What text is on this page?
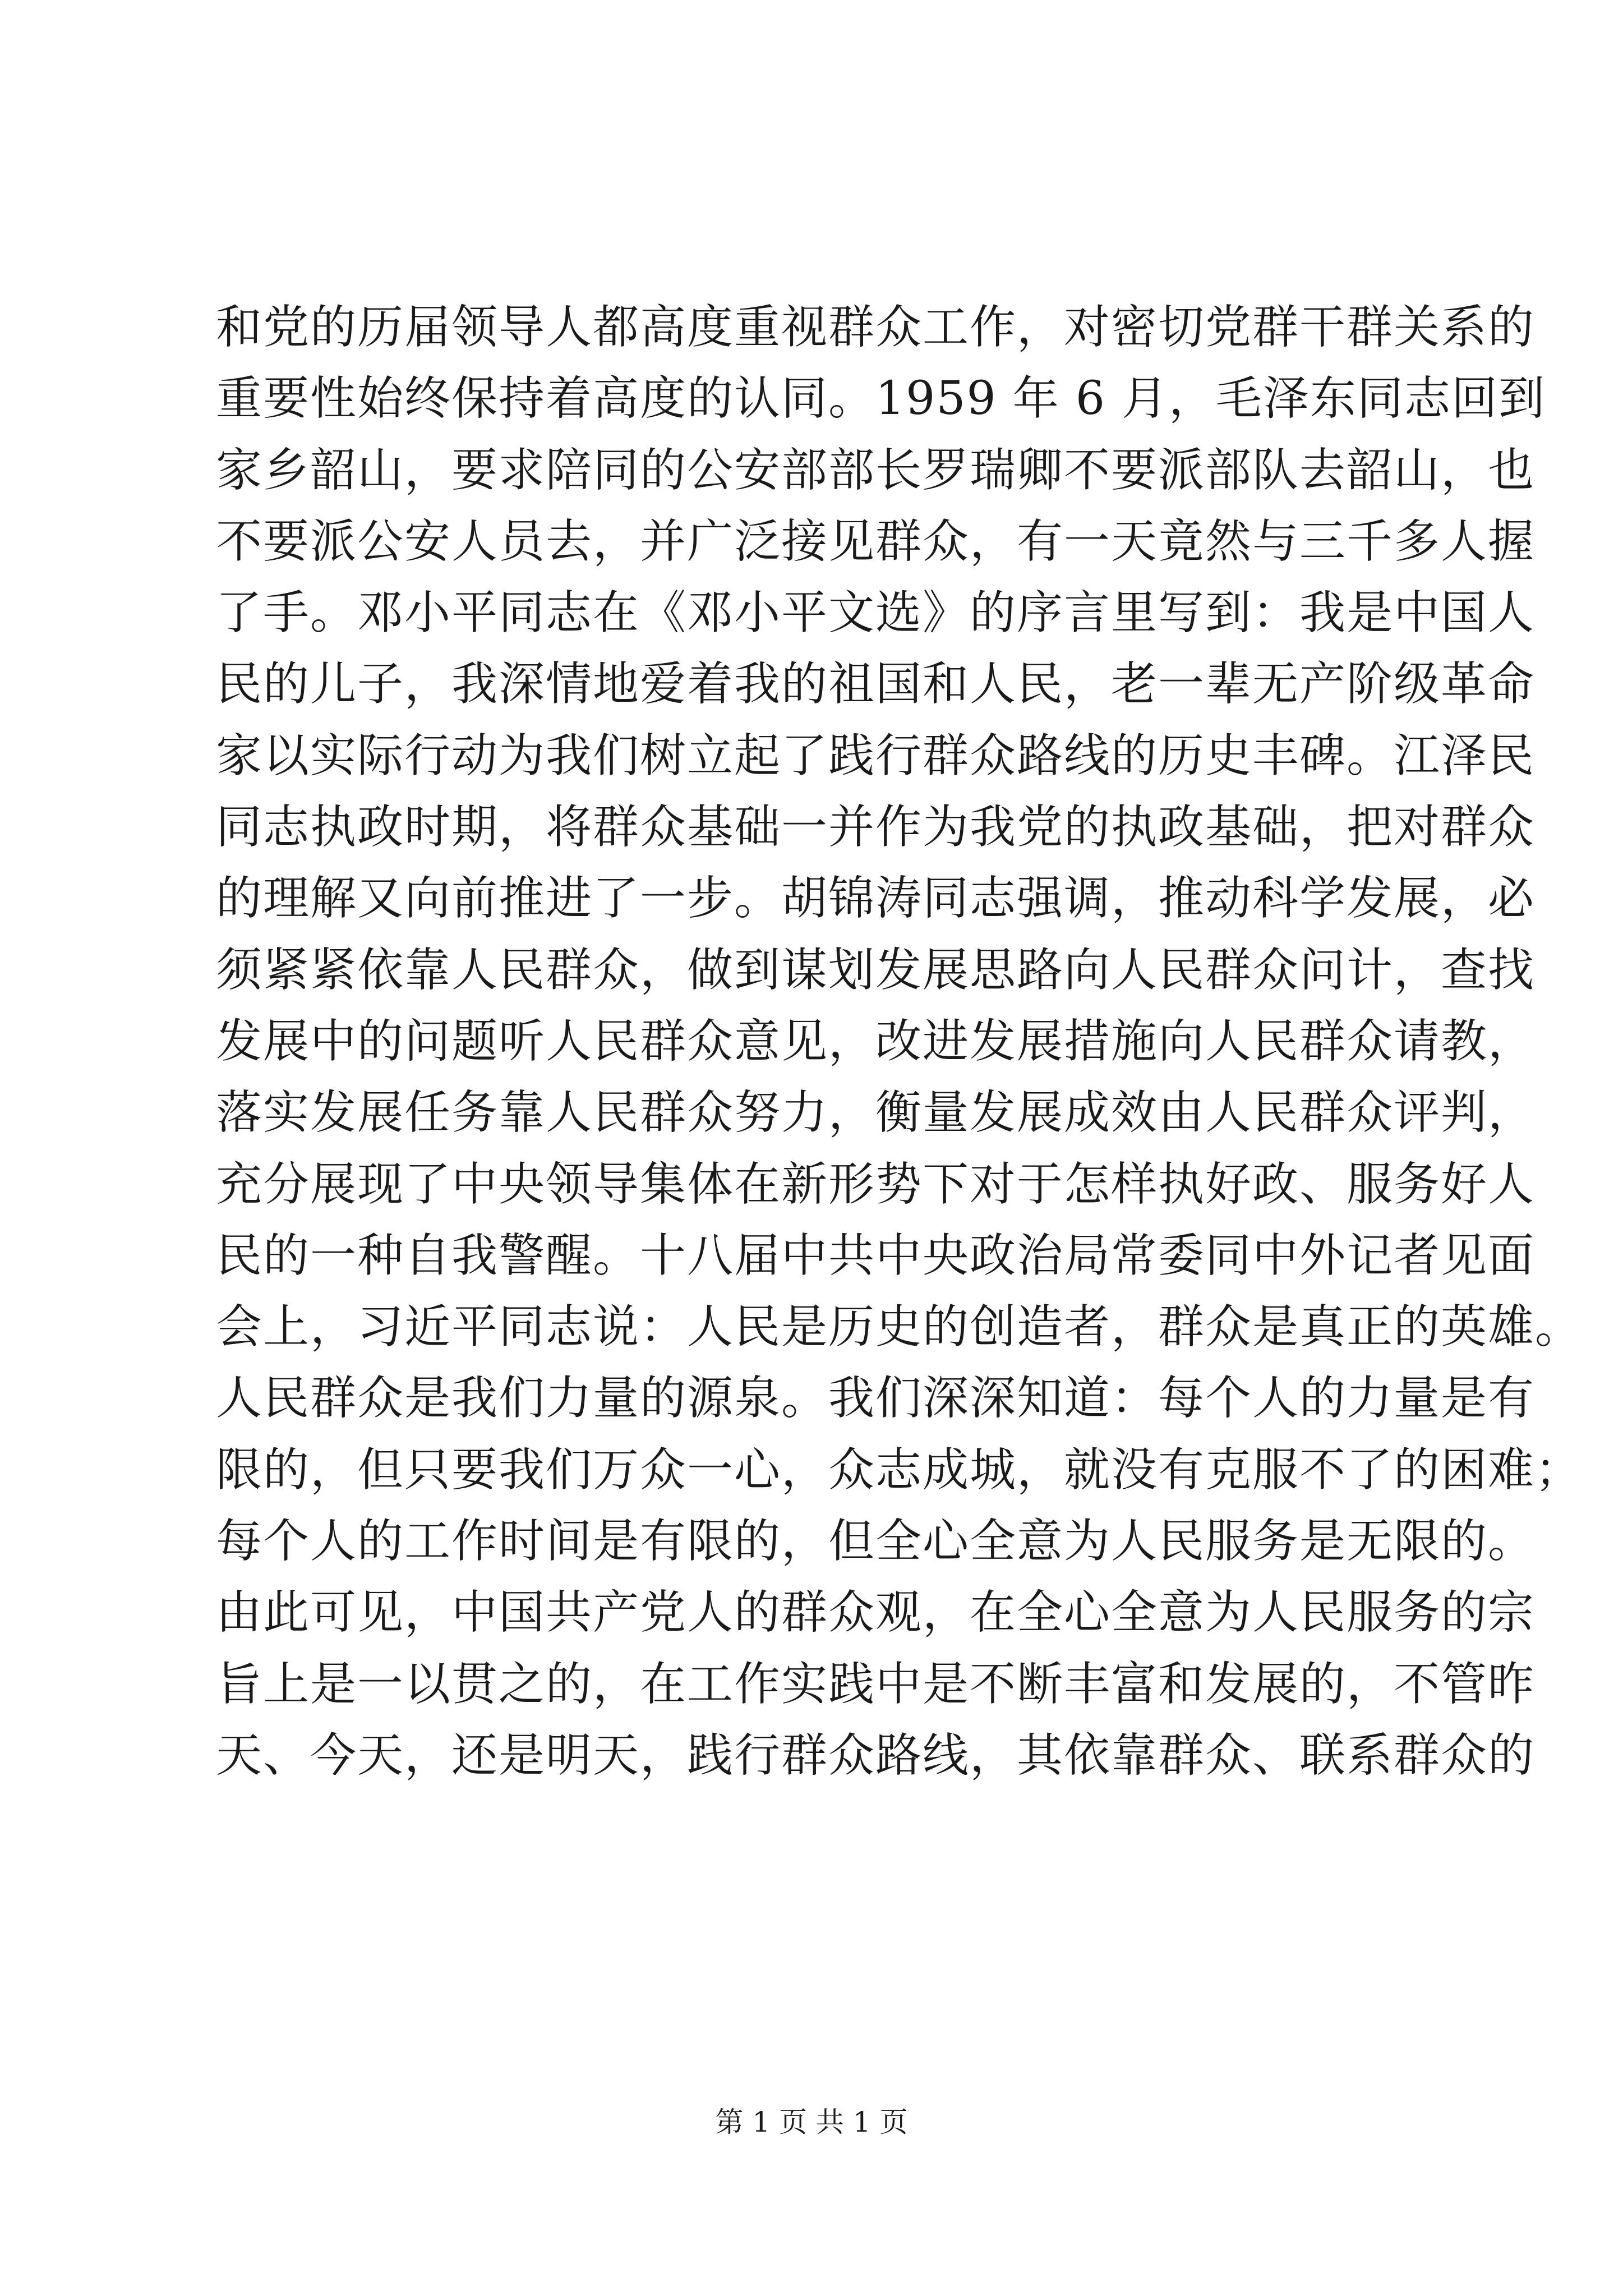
和党的历届领导人都高度重视群众工作，对密切党群干群关系的
重要性始终保持着高度的认同。1959 年 6 月，毛泽东同志回到
家乡韶山，要求陪同的公安部部长罗瑞卿不要派部队去韶山，也
不要派公安人员去，并广泛接见群众，有一天竟然与三千多人握
了手。邓小平同志在《邓小平文选》的序言里写到：我是中国人
民的儿子，我深情地爱着我的祖国和人民，老一辈无产阶级革命
家以实际行动为我们树立起了践行群众路线的历史丰碑。江泽民
同志执政时期，将群众基础一并作为我党的执政基础，把对群众
的理解又向前推进了一步。胡锦涛同志强调，推动科学发展，必
须紧紧依靠人民群众，做到谋划发展思路向人民群众问计，查找
发展中的问题听人民群众意见，改进发展措施向人民群众请教，
落实发展任务靠人民群众努力，衡量发展成效由人民群众评判，
充分展现了中央领导集体在新形势下对于怎样执好政、服务好人
民的一种自我警醒。十八届中共中央政治局常委同中外记者见面
会上，习近平同志说：人民是历史的创造者，群众是真正的英雄。
人民群众是我们力量的源泉。我们深深知道：每个人的力量是有
限的，但只要我们万众一心，众志成城，就没有克服不了的困难；
每个人的工作时间是有限的，但全心全意为人民服务是无限的。
由此可见，中国共产党人的群众观，在全心全意为人民服务的宗
旨上是一以贯之的，在工作实践中是不断丰富和发展的，不管昨
天、今天，还是明天，践行群众路线，其依靠群众、联系群众的
第 1 页 共 1 页
